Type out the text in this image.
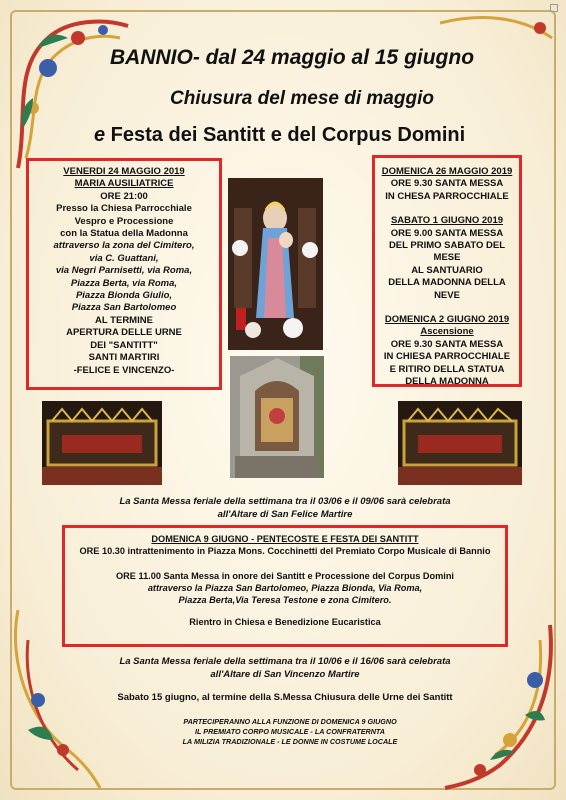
BANNIO- dal 24 maggio al 15 giugno
Chiusura del mese di maggio
e Festa dei Santitt e del Corpus Domini
VENERDI 24 MAGGIO 2019
MARIA AUSILIATRICE
ORE 21:00
Presso la Chiesa Parrocchiale
Vespro e Processione
con la Statua della Madonna
attraverso la zona del Cimitero,
via C. Guattani,
via Negri Parnisetti, via Roma,
Piazza Berta, via Roma,
Piazza Bionda Giulio,
Piazza San Bartolomeo
AL TERMINE
APERTURA DELLE URNE
DEI "SANTITT"
SANTI MARTIRI
-FELICE E VINCENZO-
DOMENICA 26 MAGGIO 2019
ORE 9.30 SANTA MESSA
IN CHESA PARROCCHIALE
SABATO 1 GIUGNO 2019
ORE 9.00 SANTA MESSA
DEL PRIMO SABATO DEL MESE
AL SANTUARIO
DELLA MADONNA DELLA NEVE
DOMENICA 2 GIUGNO 2019
Ascensione
ORE 9.30 SANTA MESSA
IN CHIESA PARROCCHIALE
E RITIRO DELLA STATUA
DELLA MADONNA
La Santa Messa feriale della settimana tra il 03/06 e il 09/06 sarà celebrata
all'Altare di San Felice Martire
DOMENICA 9 GIUGNO - PENTECOSTE E FESTA DEI SANTITT
ORE 10.30 intrattenimento in Piazza Mons. Cocchinetti del Premiato Corpo Musicale di Bannio
ORE 11.00 Santa Messa in onore dei Santitt e Processione del Corpus Domini
attraverso la Piazza San Bartolomeo, Piazza Bionda, Via Roma,
Piazza Berta,Via Teresa Testone e zona Cimitero.
Rientro in Chiesa e Benedizione Eucaristica
La Santa Messa feriale della settimana tra il 10/06 e il 16/06 sarà celebrata
all'Altare di San Vincenzo Martire
Sabato 15 giugno, al termine della S.Messa Chiusura delle Urne dei Santitt
PARTECIPERANNO ALLA FUNZIONE DI DOMENICA 9 GIUGNO
IL PREMIATO CORPO MUSICALE - LA CONFRATERNTA
LA MILIZIA TRADIZIONALE - LE DONNE IN COSTUME LOCALE
